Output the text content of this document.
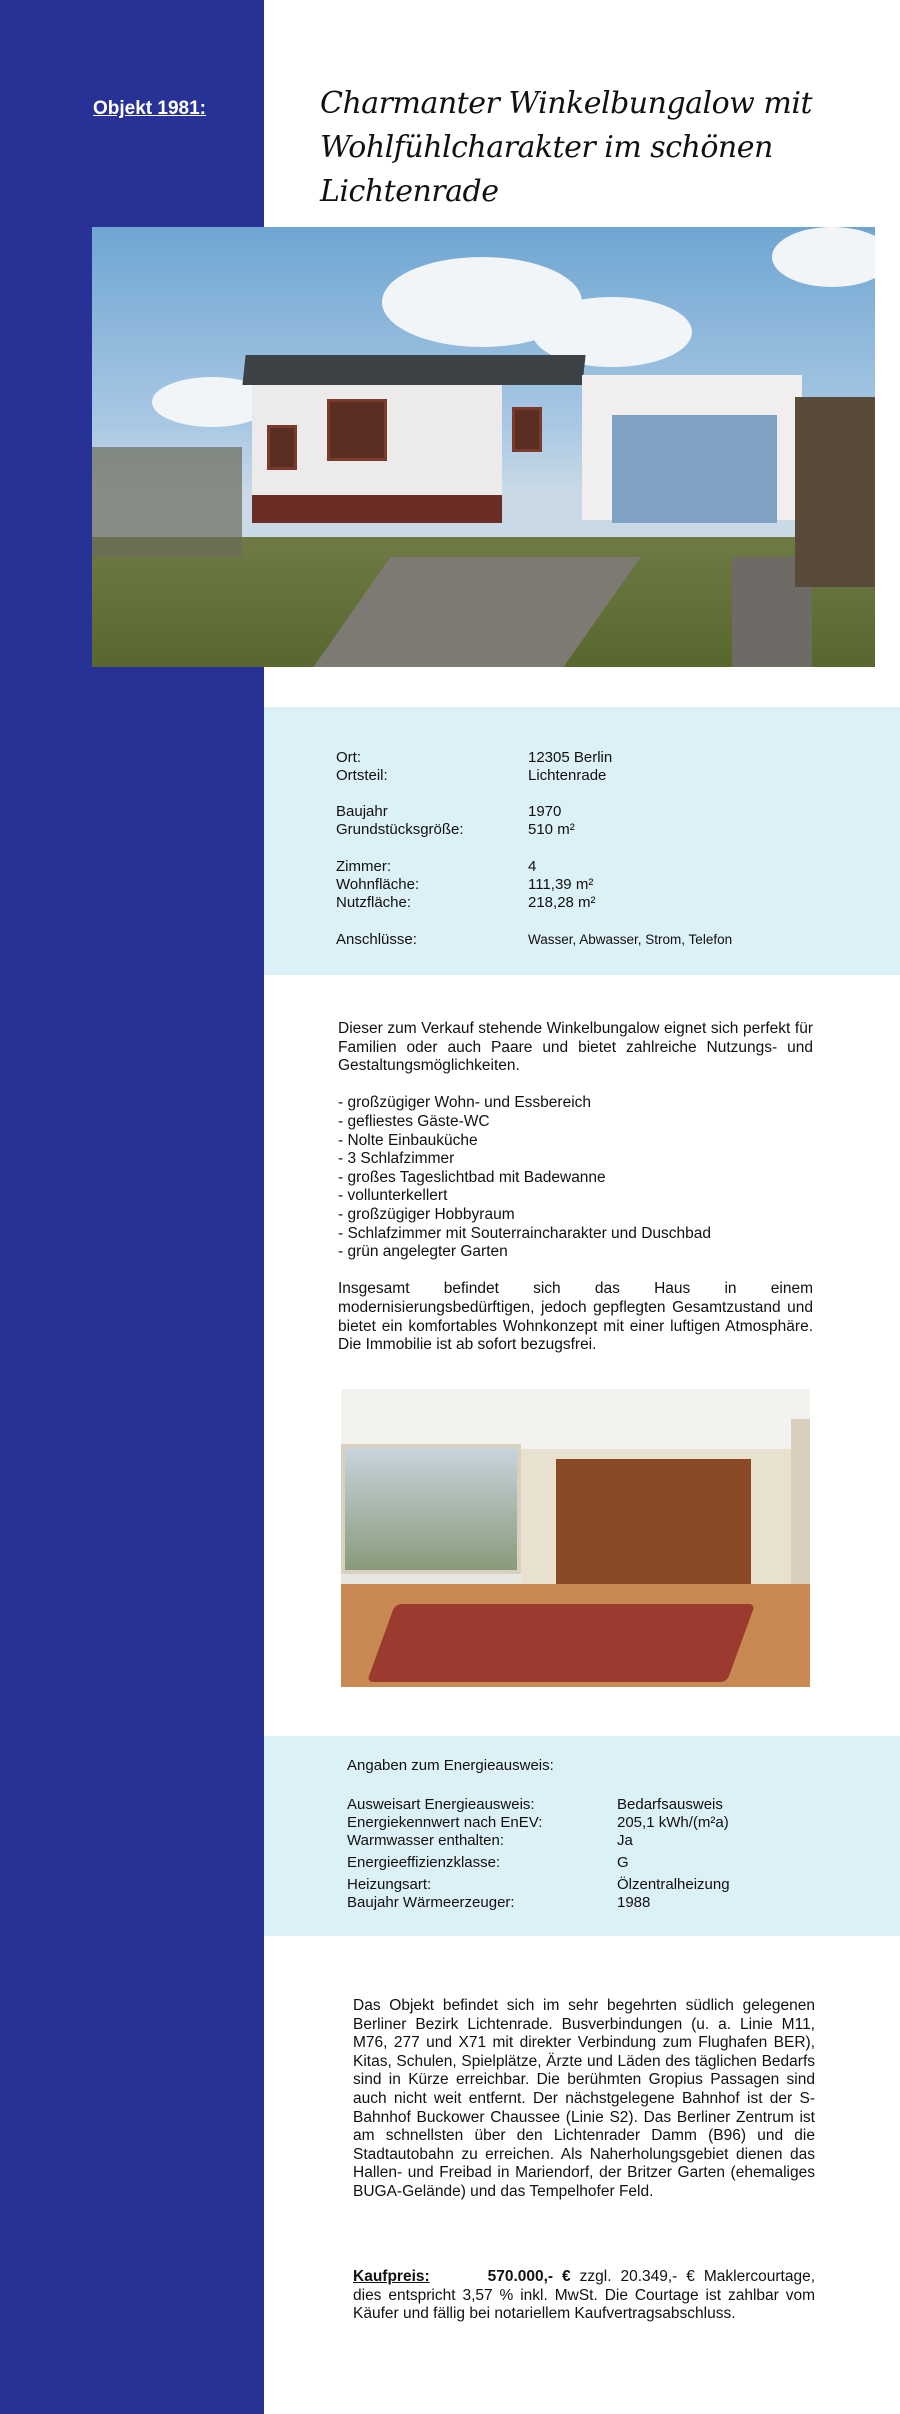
Objekt 1981:	Charmanter Winkelbungalow mit
Wohlfühlcharakter im schönen Lichtenrade
Ort:	12305 Berlin
Ortsteil:	Lichtenrade
Baujahr	1970
Grundstücksgröße:	510 m²
Zimmer:	4
Wohnfläche:	111,39 m²
Nutzfläche:	218,28 m²
Anschlüsse:	Wasser, Abwasser, Strom, Telefon

Dieser zum Verkauf stehende Winkelbungalow eignet sich perfekt für Familien oder auch Paare und bietet zahlreiche Nutzungs- und Gestaltungsmöglichkeiten.

- großzügiger Wohn- und Essbereich
- gefliestes Gäste-WC
- Nolte Einbauküche
- 3 Schlafzimmer
- großes Tageslichtbad mit Badewanne
- vollunterkellert
- großzügiger Hobbyraum
- Schlafzimmer mit Souterraincharakter und Duschbad
- grün angelegter Garten

Insgesamt befindet sich das Haus in einem modernisierungsbedürftigen, jedoch gepflegten Gesamtzustand und bietet ein komfortables Wohnkonzept mit einer luftigen Atmosphäre. Die Immobilie ist ab sofort bezugsfrei.

Angaben zum Energieausweis:
Ausweisart Energieausweis:	Bedarfsausweis
Energiekennwert nach EnEV:	205,1 kWh/(m²a)
Warmwasser enthalten:	Ja
Energieeffizienzklasse:	G
Heizungsart:	Ölzentralheizung
Baujahr Wärmeerzeuger:	1988
Das Objekt befindet sich im sehr begehrten südlich gelegenen Berliner Bezirk Lichtenrade. Busverbindungen (u. a. Linie M11, M76, 277 und X71 mit direkter Verbindung zum Flughafen BER), Kitas, Schulen, Spielplätze, Ärzte und Läden des täglichen Bedarfs sind in Kürze erreichbar. Die berühmten Gropius Passagen sind auch nicht weit entfernt. Der nächstgelegene Bahnhof ist der S-Bahnhof Buckower Chaussee (Linie S2). Das Berliner Zentrum ist am schnellsten über den Lichtenrader Damm (B96) und die Stadtautobahn zu erreichen. Als Naherholungsgebiet dienen das Hallen- und Freibad in Mariendorf, der Britzer Garten (ehemaliges BUGA-Gelände) und das Tempelhofer Feld.
Kaufpreis:	570.000,- € zzgl. 20.349,- € Maklercourtage, dies entspricht 3,57 % inkl. MwSt. Die Courtage ist zahlbar vom Käufer und fällig bei notariellem Kaufvertragsabschluss.
